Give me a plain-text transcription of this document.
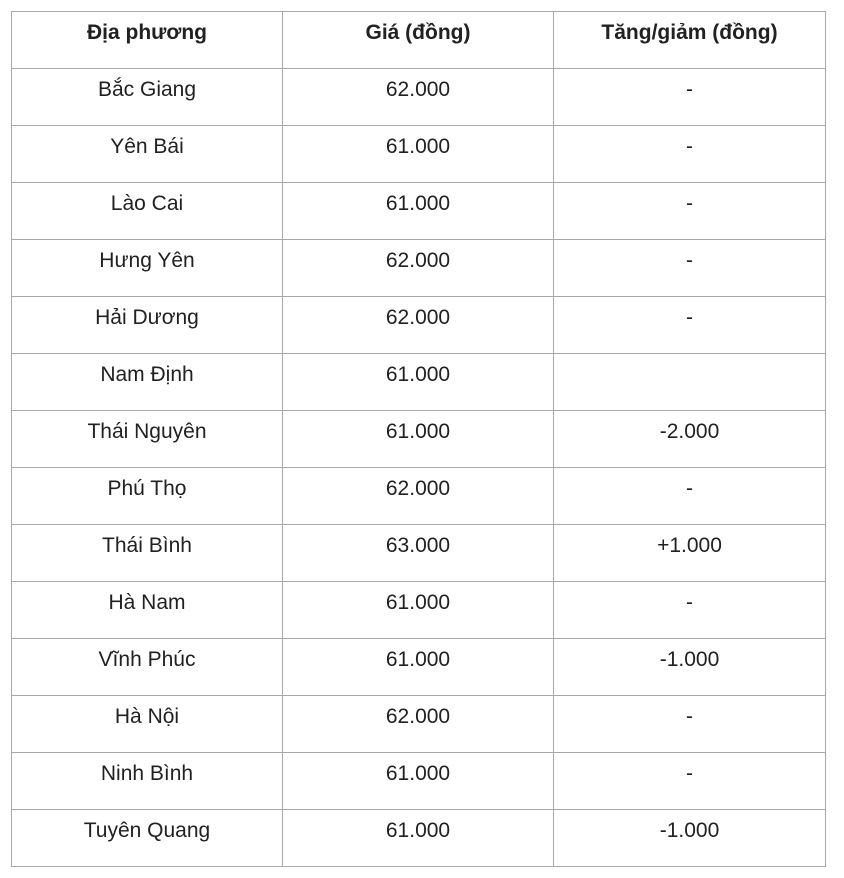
Địa phương	Giá (đồng)	Tăng/giảm (đồng)
Bắc Giang	62.000	-
Yên Bái	61.000	-
Lào Cai	61.000	-
Hưng Yên	62.000	-
Hải Dương	62.000	-
Nam Định	61.000	
Thái Nguyên	61.000	-2.000
Phú Thọ	62.000	-
Thái Bình	63.000	+1.000
Hà Nam	61.000	-
Vĩnh Phúc	61.000	-1.000
Hà Nội	62.000	-
Ninh Bình	61.000	-
Tuyên Quang	61.000	-1.000
